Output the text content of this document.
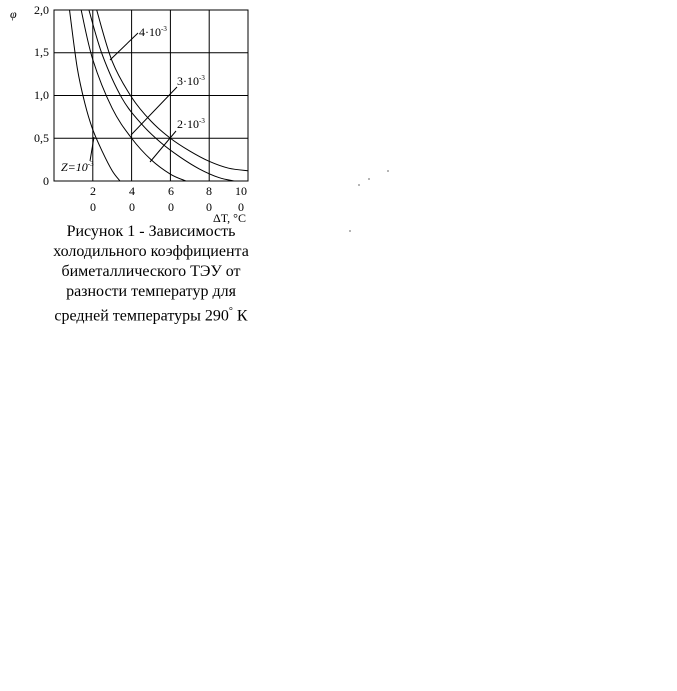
φ
0
0,5
1,0
1,5
2,0
2
0
4
0
6
0
8
0
10
0
ΔT, °C
$4\cdot 10^{-3}$
$3\cdot 10^{-3}$
$2\cdot 10^{-3}$
$Z=10^{-3}$
Рисунок 1 - Зависимость
холодильного коэффициента
биметаллического ТЭУ от
разности температур для
средней температуры 290° К
